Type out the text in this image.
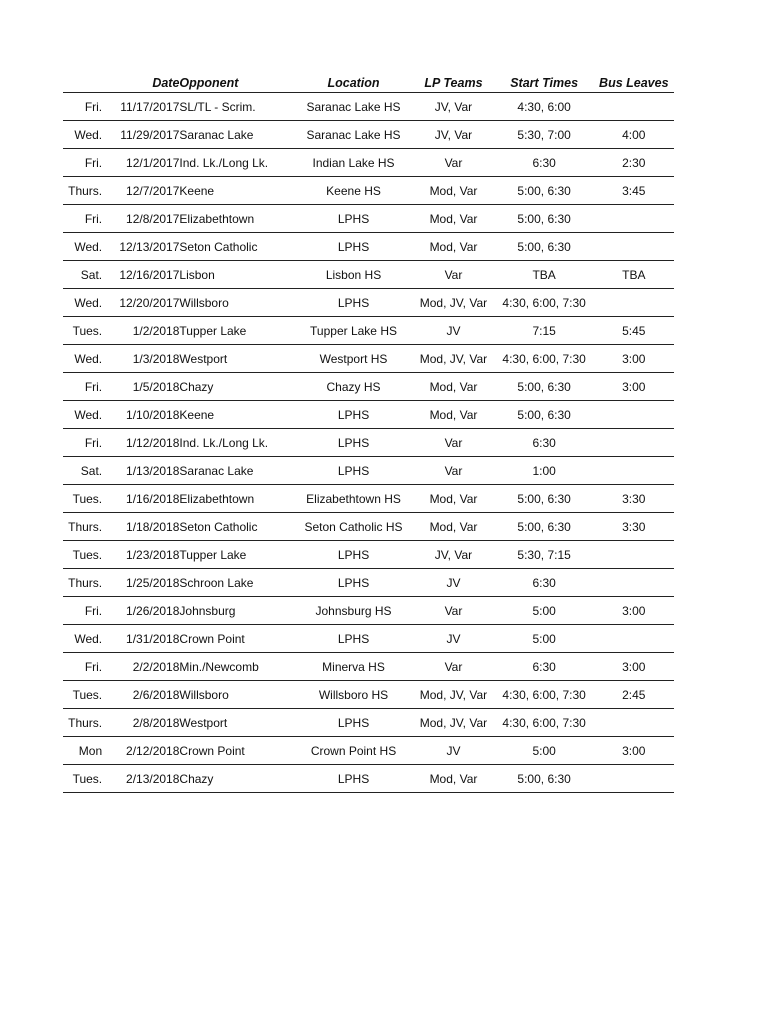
	Date	Opponent	Location	LP Teams	Start Times	Bus Leaves
Fri.	11/17/2017	SL/TL - Scrim.	Saranac Lake HS	JV, Var	4:30, 6:00	
Wed.	11/29/2017	Saranac Lake	Saranac Lake HS	JV, Var	5:30, 7:00	4:00
Fri.	12/1/2017	Ind. Lk./Long Lk.	Indian Lake HS	Var	6:30	2:30
Thurs.	12/7/2017	Keene	Keene HS	Mod, Var	5:00, 6:30	3:45
Fri.	12/8/2017	Elizabethtown	LPHS	Mod, Var	5:00, 6:30	
Wed.	12/13/2017	Seton Catholic	LPHS	Mod, Var	5:00, 6:30	
Sat.	12/16/2017	Lisbon	Lisbon HS	Var	TBA	TBA
Wed.	12/20/2017	Willsboro	LPHS	Mod, JV, Var	4:30, 6:00, 7:30	
Tues.	1/2/2018	Tupper Lake	Tupper Lake HS	JV	7:15	5:45
Wed.	1/3/2018	Westport	Westport HS	Mod, JV, Var	4:30, 6:00, 7:30	3:00
Fri.	1/5/2018	Chazy	Chazy HS	Mod, Var	5:00, 6:30	3:00
Wed.	1/10/2018	Keene	LPHS	Mod, Var	5:00, 6:30	
Fri.	1/12/2018	Ind. Lk./Long Lk.	LPHS	Var	6:30	
Sat.	1/13/2018	Saranac Lake	LPHS	Var	1:00	
Tues.	1/16/2018	Elizabethtown	Elizabethtown HS	Mod, Var	5:00, 6:30	3:30
Thurs.	1/18/2018	Seton Catholic	Seton Catholic HS	Mod, Var	5:00, 6:30	3:30
Tues.	1/23/2018	Tupper Lake	LPHS	JV, Var	5:30, 7:15	
Thurs.	1/25/2018	Schroon Lake	LPHS	JV	6:30	
Fri.	1/26/2018	Johnsburg	Johnsburg HS	Var	5:00	3:00
Wed.	1/31/2018	Crown Point	LPHS	JV	5:00	
Fri.	2/2/2018	Min./Newcomb	Minerva HS	Var	6:30	3:00
Tues.	2/6/2018	Willsboro	Willsboro HS	Mod, JV, Var	4:30, 6:00, 7:30	2:45
Thurs.	2/8/2018	Westport	LPHS	Mod, JV, Var	4:30, 6:00, 7:30	
Mon	2/12/2018	Crown Point	Crown Point HS	JV	5:00	3:00
Tues.	2/13/2018	Chazy	LPHS	Mod, Var	5:00, 6:30	
